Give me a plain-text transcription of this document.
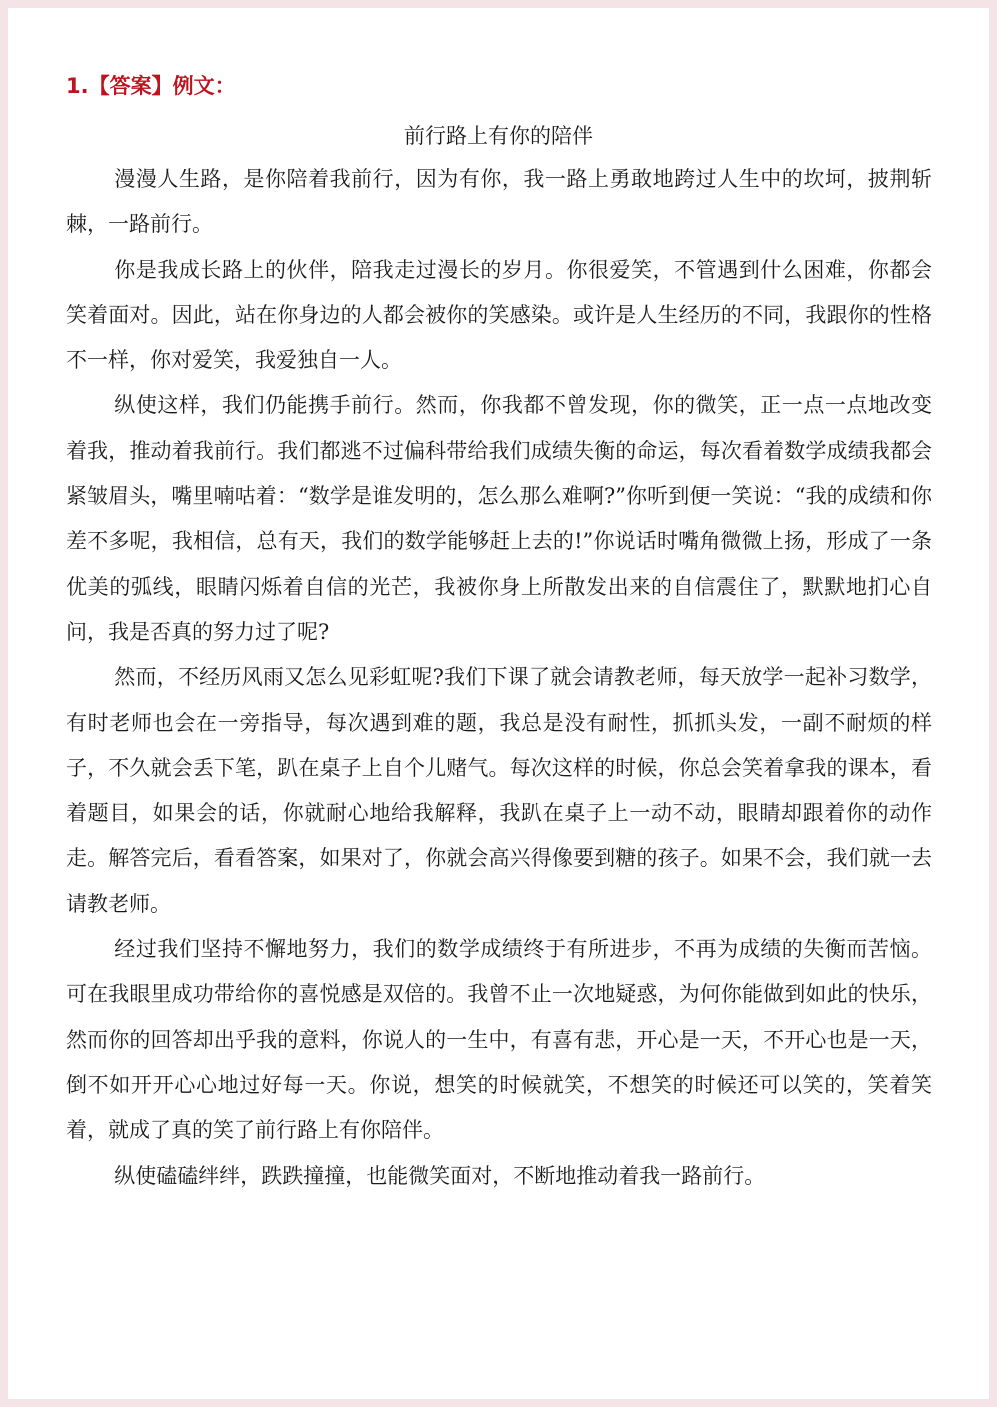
1.【答案】例文：
前行路上有你的陪伴

漫漫人生路，是你陪着我前行，因为有你，我一路上勇敢地跨过人生中的坎坷，披荆斩棘，一路前行。

你是我成长路上的伙伴，陪我走过漫长的岁月。你很爱笑，不管遇到什么困难，你都会笑着面对。因此，站在你身边的人都会被你的笑感染。或许是人生经历的不同，我跟你的性格不一样，你对爱笑，我爱独自一人。

纵使这样，我们仍能携手前行。然而，你我都不曾发现，你的微笑，正一点一点地改变着我，推动着我前行。我们都逃不过偏科带给我们成绩失衡的命运，每次看着数学成绩我都会紧皱眉头，嘴里喃咕着：“数学是谁发明的，怎么那么难啊?”你听到便一笑说：“我的成绩和你差不多呢，我相信，总有天，我们的数学能够赶上去的!”你说话时嘴角微微上扬，形成了一条优美的弧线，眼睛闪烁着自信的光芒，我被你身上所散发出来的自信震住了，默默地扪心自问，我是否真的努力过了呢?

然而，不经历风雨又怎么见彩虹呢?我们下课了就会请教老师，每天放学一起补习数学，有时老师也会在一旁指导，每次遇到难的题，我总是没有耐性，抓抓头发，一副不耐烦的样子，不久就会丢下笔，趴在桌子上自个儿赌气。每次这样的时候，你总会笑着拿我的课本，看着题目，如果会的话，你就耐心地给我解释，我趴在桌子上一动不动，眼睛却跟着你的动作走。解答完后，看看答案，如果对了，你就会高兴得像要到糖的孩子。如果不会，我们就一去请教老师。

经过我们坚持不懈地努力，我们的数学成绩终于有所进步，不再为成绩的失衡而苦恼。可在我眼里成功带给你的喜悦感是双倍的。我曾不止一次地疑惑，为何你能做到如此的快乐，然而你的回答却出乎我的意料，你说人的一生中，有喜有悲，开心是一天，不开心也是一天，倒不如开开心心地过好每一天。你说，想笑的时候就笑，不想笑的时候还可以笑的，笑着笑着，就成了真的笑了前行路上有你陪伴。

纵使磕磕绊绊，跌跌撞撞，也能微笑面对，不断地推动着我一路前行。
